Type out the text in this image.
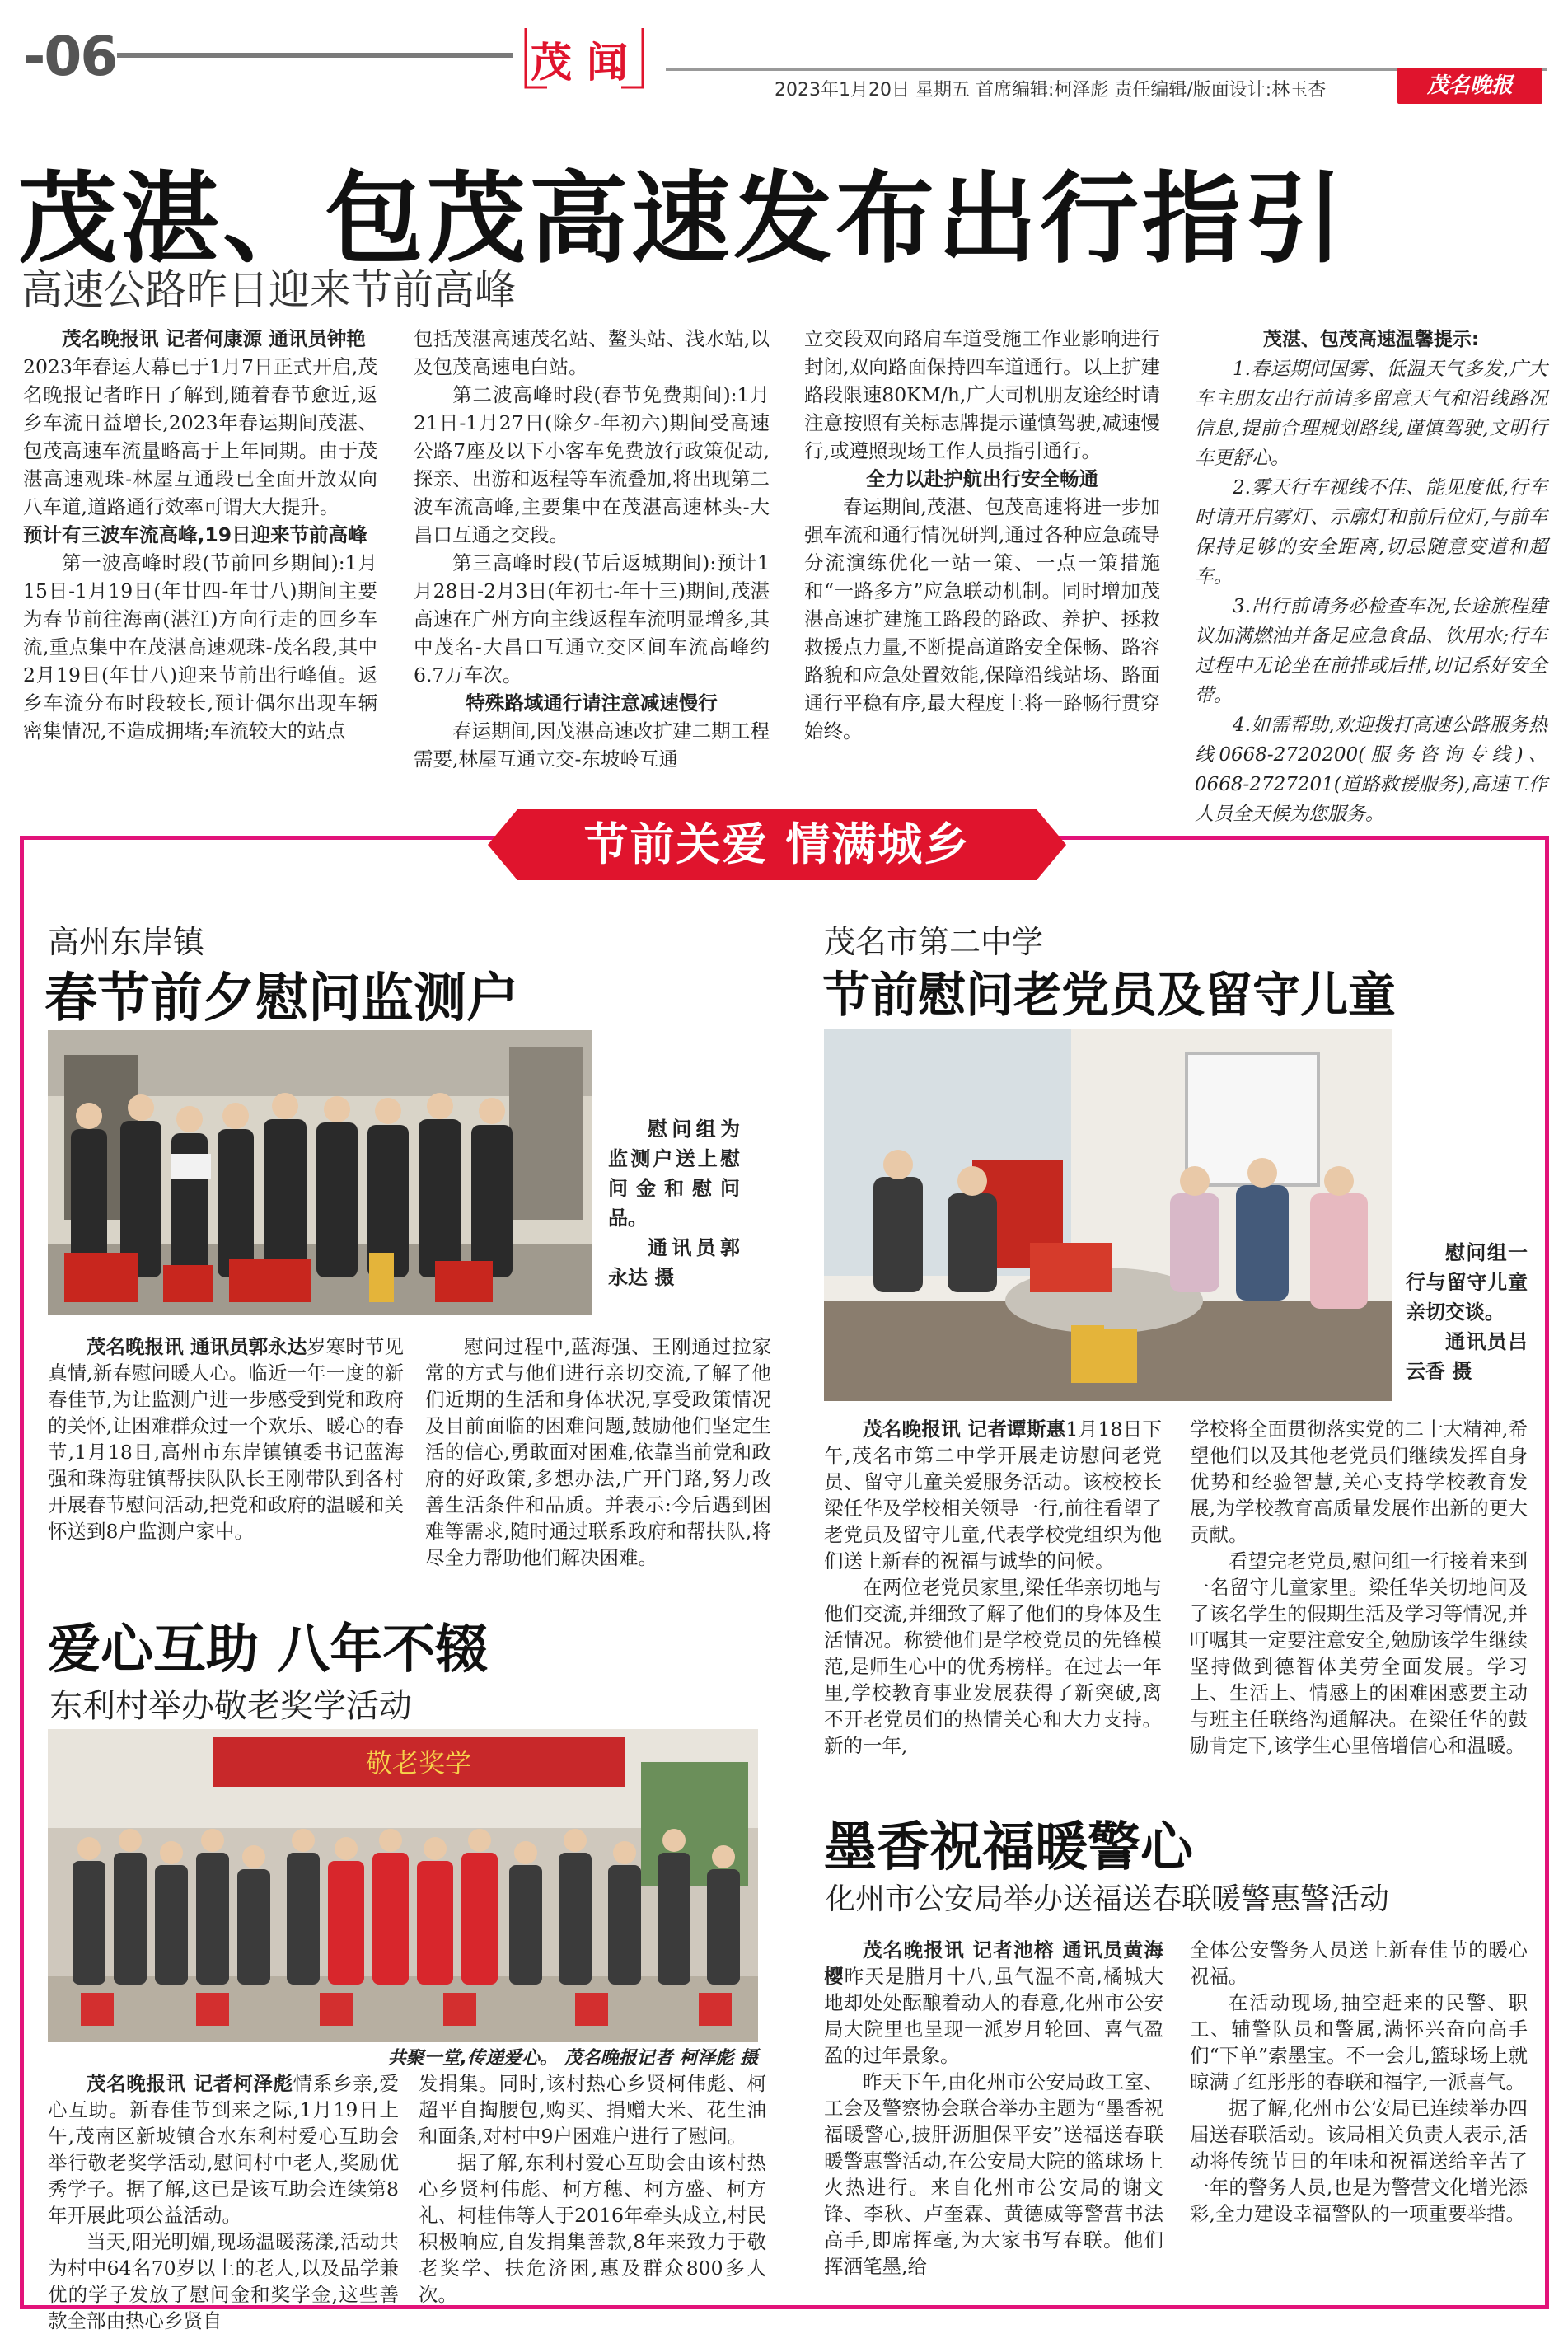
-06	茂 闻
2023年1月20日 星期五 首席编辑:柯泽彪 责任编辑/版面设计:林玉杏	茂名晚报
茂湛、包茂高速发布出行指引
高速公路昨日迎来节前高峰

茂名晚报讯 记者何康源 通讯员钟艳

2023年春运大幕已于1月7日正式开启,茂名晚报记者昨日了解到,随着春节愈近,返乡车流日益增长,2023年春运期间茂湛、包茂高速车流量略高于上年同期。由于茂湛高速观珠-林屋互通段已全面开放双向八车道,道路通行效率可谓大大提升。

预计有三波车流高峰,19日迎来节前高峰

第一波高峰时段(节前回乡期间):1月15日-1月19日(年廿四-年廿八)期间主要为春节前往海南(湛江)方向行走的回乡车流,重点集中在茂湛高速观珠-茂名段,其中2月19日(年廿八)迎来节前出行峰值。返乡车流分布时段较长,预计偶尔出现车辆密集情况,不造成拥堵;车流较大的站点

包括茂湛高速茂名站、鳌头站、浅水站,以及包茂高速电白站。

第二波高峰时段(春节免费期间):1月21日-1月27日(除夕-年初六)期间受高速公路7座及以下小客车免费放行政策促动,探亲、出游和返程等车流叠加,将出现第二波车流高峰,主要集中在茂湛高速林头-大昌口互通之交段。

第三高峰时段(节后返城期间):预计1月28日-2月3日(年初七-年十三)期间,茂湛高速在广州方向主线返程车流明显增多,其中茂名-大昌口互通立交区间车流高峰约6.7万车次。

特殊路域通行请注意减速慢行

春运期间,因茂湛高速改扩建二期工程需要,林屋互通立交-东坡岭互通

立交段双向路肩车道受施工作业影响进行封闭,双向路面保持四车道通行。以上扩建路段限速80KM/h,广大司机朋友途经时请注意按照有关标志牌提示谨慎驾驶,减速慢行,或遵照现场工作人员指引通行。

全力以赴护航出行安全畅通

春运期间,茂湛、包茂高速将进一步加强车流和通行情况研判,通过各种应急疏导分流演练优化一站一策、一点一策措施和“一路多方”应急联动机制。同时增加茂湛高速扩建施工路段的路政、养护、拯救救援点力量,不断提高道路安全保畅、路容路貌和应急处置效能,保障沿线站场、路面通行平稳有序,最大程度上将一路畅行贯穿始终。

茂湛、包茂高速温馨提示:

1.春运期间国雾、低温天气多发,广大车主朋友出行前请多留意天气和沿线路况信息,提前合理规划路线,谨慎驾驶,文明行车更舒心。

2.雾天行车视线不佳、能见度低,行车时请开启雾灯、示廓灯和前后位灯,与前车保持足够的安全距离,切忌随意变道和超车。

3.出行前请务必检查车况,长途旅程建议加满燃油并备足应急食品、饮用水;行车过程中无论坐在前排或后排,切记系好安全带。

4.如需帮助,欢迎拨打高速公路服务热线0668-2720200(服务咨询专线)、0668-2727201(道路救援服务),高速工作人员全天候为您服务。

节前关爱 情满城乡
高州东岸镇
春节前夕慰问监测户

慰问组为监测户送上慰问金和慰问品。

通讯员郭永达 摄

茂名晚报讯 通讯员郭永达岁寒时节见真情,新春慰问暖人心。临近一年一度的新春佳节,为让监测户进一步感受到党和政府的关怀,让困难群众过一个欢乐、暖心的春节,1月18日,高州市东岸镇镇委书记蓝海强和珠海驻镇帮扶队队长王刚带队到各村开展春节慰问活动,把党和政府的温暖和关怀送到8户监测户家中。

慰问过程中,蓝海强、王刚通过拉家常的方式与他们进行亲切交流,了解了他们近期的生活和身体状况,享受政策情况及目前面临的困难问题,鼓励他们坚定生活的信心,勇敢面对困难,依靠当前党和政府的好政策,多想办法,广开门路,努力改善生活条件和品质。并表示:今后遇到困难等需求,随时通过联系政府和帮扶队,将尽全力帮助他们解决困难。

爱心互助 八年不辍
东利村举办敬老奖学活动
敬老奖学
共聚一堂,传递爱心。 茂名晚报记者 柯泽彪 摄

茂名晚报讯 记者柯泽彪情系乡亲,爱心互助。新春佳节到来之际,1月19日上午,茂南区新坡镇合水东利村爱心互助会举行敬老奖学活动,慰问村中老人,奖励优秀学子。据了解,这已是该互助会连续第8年开展此项公益活动。

当天,阳光明媚,现场温暖荡漾,活动共为村中64名70岁以上的老人,以及品学兼优的学子发放了慰问金和奖学金,这些善款全部由热心乡贤自

发捐集。同时,该村热心乡贤柯伟彪、柯超平自掏腰包,购买、捐赠大米、花生油和面条,对村中9户困难户进行了慰问。

据了解,东利村爱心互助会由该村热心乡贤柯伟彪、柯方穗、柯方盛、柯方礼、柯桂伟等人于2016年牵头成立,村民积极响应,自发捐集善款,8年来致力于敬老奖学、扶危济困,惠及群众800多人次。

茂名市第二中学
节前慰问老党员及留守儿童

慰问组一行与留守儿童亲切交谈。

通讯员吕云香 摄

茂名晚报讯 记者谭斯惠1月18日下午,茂名市第二中学开展走访慰问老党员、留守儿童关爱服务活动。该校校长梁任华及学校相关领导一行,前往看望了老党员及留守儿童,代表学校党组织为他们送上新春的祝福与诚挚的问候。

在两位老党员家里,梁任华亲切地与他们交流,并细致了解了他们的身体及生活情况。称赞他们是学校党员的先锋模范,是师生心中的优秀榜样。在过去一年里,学校教育事业发展获得了新突破,离不开老党员们的热情关心和大力支持。新的一年,

学校将全面贯彻落实党的二十大精神,希望他们以及其他老党员们继续发挥自身优势和经验智慧,关心支持学校教育发展,为学校教育高质量发展作出新的更大贡献。

看望完老党员,慰问组一行接着来到一名留守儿童家里。梁任华关切地问及了该名学生的假期生活及学习等情况,并叮嘱其一定要注意安全,勉励该学生继续坚持做到德智体美劳全面发展。学习上、生活上、情感上的困难困惑要主动与班主任联络沟通解决。在梁任华的鼓励肯定下,该学生心里倍增信心和温暖。

墨香祝福暖警心
化州市公安局举办送福送春联暖警惠警活动

茂名晚报讯 记者池榕 通讯员黄海樱昨天是腊月十八,虽气温不高,橘城大地却处处酝酿着动人的春意,化州市公安局大院里也呈现一派岁月轮回、喜气盈盈的过年景象。

昨天下午,由化州市公安局政工室、工会及警察协会联合举办主题为“墨香祝福暖警心,披肝沥胆保平安”送福送春联暖警惠警活动,在公安局大院的篮球场上火热进行。来自化州市公安局的谢文锋、李秋、卢奎霖、黄德威等警营书法高手,即席挥毫,为大家书写春联。他们挥洒笔墨,给

全体公安警务人员送上新春佳节的暖心祝福。

在活动现场,抽空赶来的民警、职工、辅警队员和警属,满怀兴奋向高手们“下单”索墨宝。不一会儿,篮球场上就晾满了红彤彤的春联和福字,一派喜气。

据了解,化州市公安局已连续举办四届送春联活动。该局相关负责人表示,活动将传统节日的年味和祝福送给辛苦了一年的警务人员,也是为警营文化增光添彩,全力建设幸福警队的一项重要举措。
